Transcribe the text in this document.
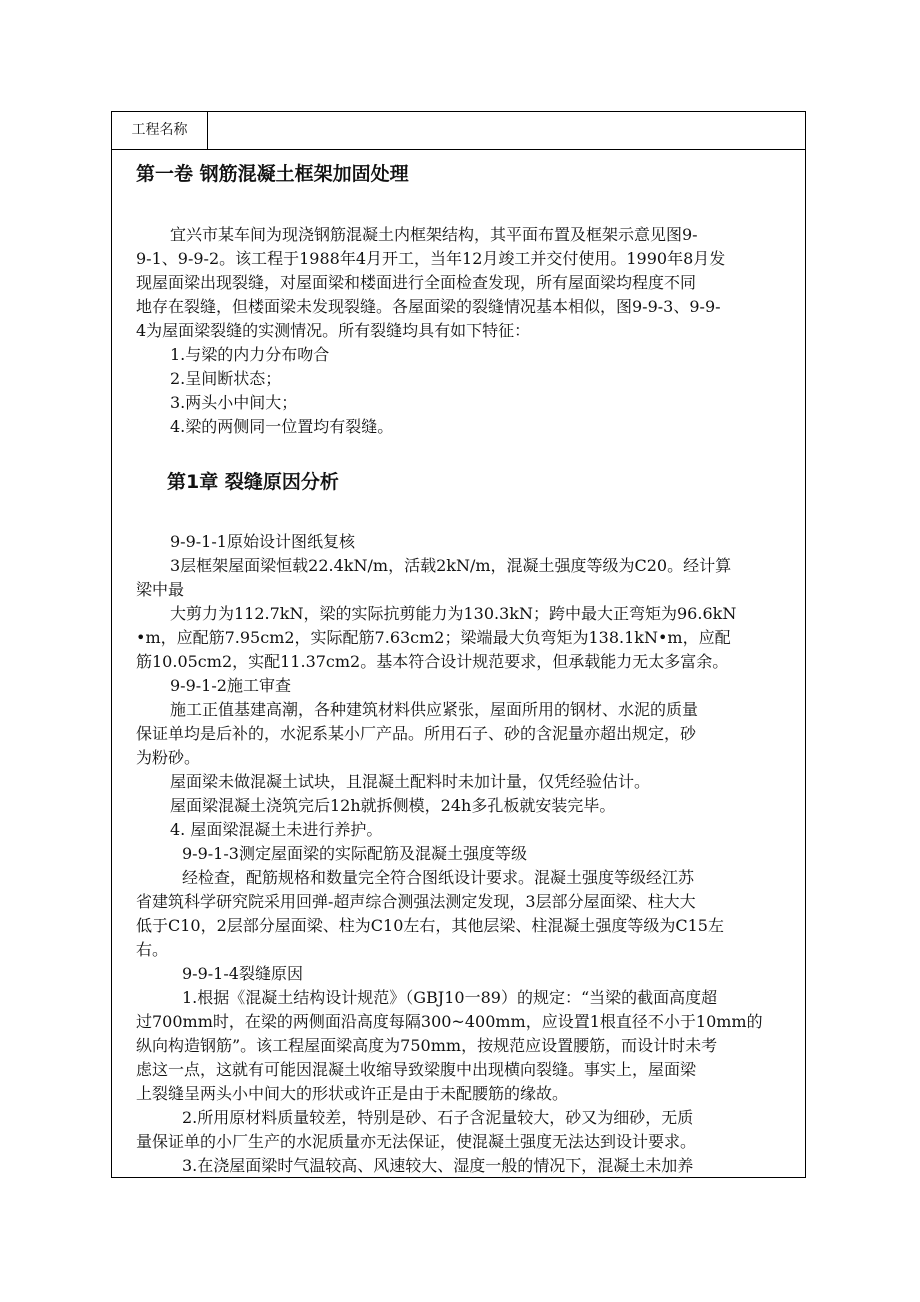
工程名称
第一卷 钢筋混凝土框架加固处理
宜兴市某车间为现浇钢筋混凝土内框架结构，其平面布置及框架示意见图9-
9-1、9-9-2。该工程于1988年4月开工，当年12月竣工并交付使用。1990年8月发
现屋面梁出现裂缝，对屋面梁和楼面进行全面检查发现，所有屋面梁均程度不同
地存在裂缝，但楼面梁未发现裂缝。各屋面梁的裂缝情况基本相似，图9-9-3、9-9-
4为屋面梁裂缝的实测情况。所有裂缝均具有如下特征：
1.与梁的内力分布吻合
2.呈间断状态；
3.两头小中间大；
4.梁的两侧同一位置均有裂缝。
第1章 裂缝原因分析
9-9-1-1原始设计图纸复核
3层框架屋面梁恒载22.4kN/m，活载2kN/m，混凝土强度等级为C20。经计算
梁中最
大剪力为112.7kN，梁的实际抗剪能力为130.3kN；跨中最大正弯矩为96.6kN
•m，应配筋7.95cm2，实际配筋7.63cm2；梁端最大负弯矩为138.1kN•m，应配
筋10.05cm2，实配11.37cm2。基本符合设计规范要求，但承载能力无太多富余。
9-9-1-2施工审查
施工正值基建高潮，各种建筑材料供应紧张，屋面所用的钢材、水泥的质量
保证单均是后补的，水泥系某小厂产品。所用石子、砂的含泥量亦超出规定，砂
为粉砂。
屋面梁未做混凝土试块，且混凝土配料时未加计量，仅凭经验估计。
屋面梁混凝土浇筑完后12h就拆侧模，24h多孔板就安装完毕。
4. 屋面梁混凝土未进行养护。
9-9-1-3测定屋面梁的实际配筋及混凝土强度等级
经检查，配筋规格和数量完全符合图纸设计要求。混凝土强度等级经江苏
省建筑科学研究院采用回弹-超声综合测强法测定发现，3层部分屋面梁、柱大大
低于C10，2层部分屋面梁、柱为C10左右，其他层梁、柱混凝土强度等级为C15左
右。
9-9-1-4裂缝原因
1.根据《混凝土结构设计规范》（GBJ10一89）的规定：“当梁的截面高度超
过700mm时，在梁的两侧面沿高度每隔300~400mm，应设置1根直径不小于10mm的
纵向构造钢筋”。该工程屋面梁高度为750mm，按规范应设置腰筋，而设计时未考
虑这一点，这就有可能因混凝土收缩导致梁腹中出现横向裂缝。事实上，屋面梁
上裂缝呈两头小中间大的形状或许正是由于未配腰筋的缘故。
2.所用原材料质量较差，特别是砂、石子含泥量较大，砂又为细砂，无质
量保证单的小厂生产的水泥质量亦无法保证，使混凝土强度无法达到设计要求。
3.在浇屋面梁时气温较高、风速较大、湿度一般的情况下，混凝土未加养
